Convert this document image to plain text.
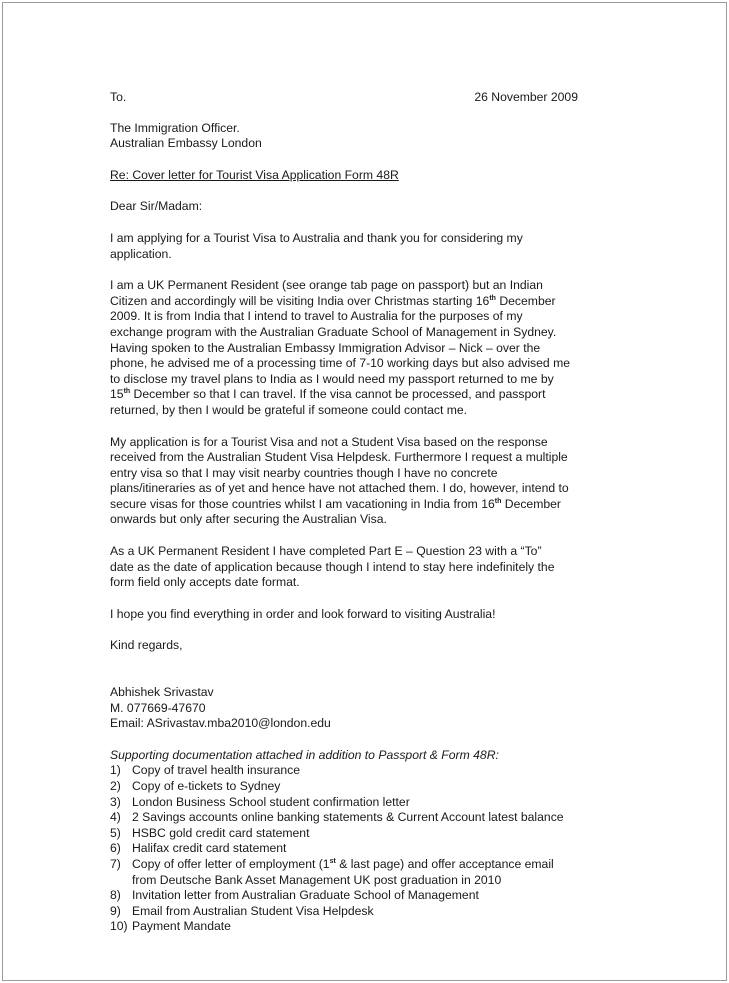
To.	26 November 2009

The Immigration Officer.

Australian Embassy London

Re: Cover letter for Tourist Visa Application Form 48R

Dear Sir/Madam:

I am applying for a Tourist Visa to Australia and thank you for considering my

application.

I am a UK Permanent Resident (see orange tab page on passport) but an Indian

Citizen and accordingly will be visiting India over Christmas starting 16th December

2009. It is from India that I intend to travel to Australia for the purposes of my

exchange program with the Australian Graduate School of Management in Sydney.

Having spoken to the Australian Embassy Immigration Advisor – Nick – over the

phone, he advised me of a processing time of 7-10 working days but also advised me

to disclose my travel plans to India as I would need my passport returned to me by

15th December so that I can travel. If the visa cannot be processed, and passport

returned, by then I would be grateful if someone could contact me.

My application is for a Tourist Visa and not a Student Visa based on the response

received from the Australian Student Visa Helpdesk. Furthermore I request a multiple

entry visa so that I may visit nearby countries though I have no concrete

plans/itineraries as of yet and hence have not attached them. I do, however, intend to

secure visas for those countries whilst I am vacationing in India from 16th December

onwards but only after securing the Australian Visa.

As a UK Permanent Resident I have completed Part E – Question 23 with a “To”

date as the date of application because though I intend to stay here indefinitely the

form field only accepts date format.

I hope you find everything in order and look forward to visiting Australia!

Kind regards,

Abhishek Srivastav

M. 077669-47670

Email: ASrivastav.mba2010@london.edu

Supporting documentation attached in addition to Passport & Form 48R:

1) Copy of travel health insurance
2) Copy of e-tickets to Sydney
3) London Business School student confirmation letter
4) 2 Savings accounts online banking statements & Current Account latest balance
5) HSBC gold credit card statement
6) Halifax credit card statement
7) Copy of offer letter of employment (1st & last page) and offer acceptance email
from Deutsche Bank Asset Management UK post graduation in 2010
8) Invitation letter from Australian Graduate School of Management
9) Email from Australian Student Visa Helpdesk
10) Payment Mandate
